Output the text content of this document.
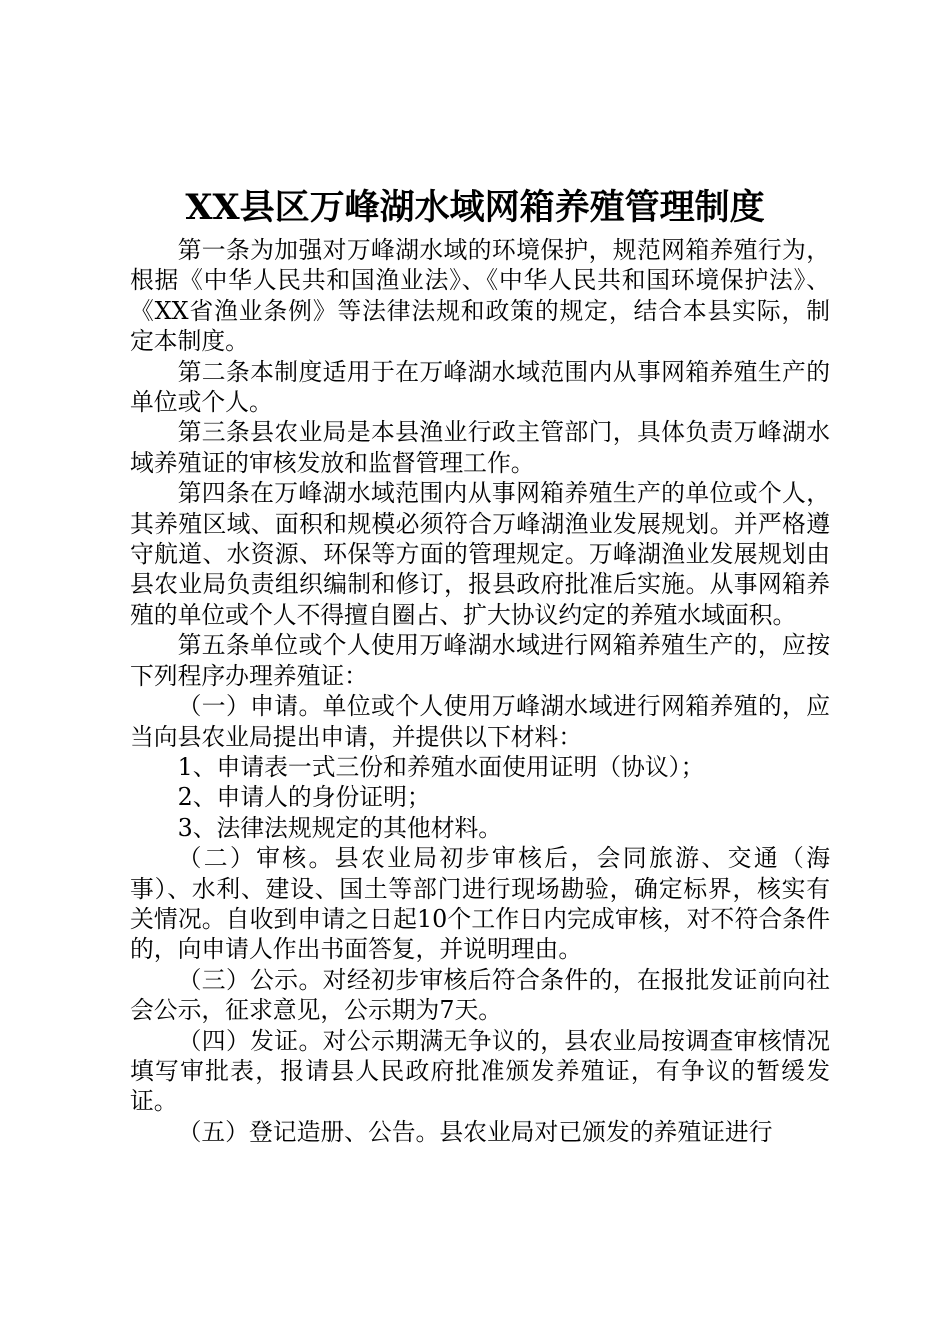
XX县区万峰湖水域网箱养殖管理制度

第一条为加强对万峰湖水域的环境保护，规范网箱养殖行为，根据《中华人民共和国渔业法》、《中华人民共和国环境保护法》、《XX省渔业条例》等法律法规和政策的规定，结合本县实际，制定本制度。

第二条本制度适用于在万峰湖水域范围内从事网箱养殖生产的单位或个人。

第三条县农业局是本县渔业行政主管部门，具体负责万峰湖水域养殖证的审核发放和监督管理工作。

第四条在万峰湖水域范围内从事网箱养殖生产的单位或个人，其养殖区域、面积和规模必须符合万峰湖渔业发展规划。并严格遵守航道、水资源、环保等方面的管理规定。万峰湖渔业发展规划由县农业局负责组织编制和修订，报县政府批准后实施。从事网箱养殖的单位或个人不得擅自圈占、扩大协议约定的养殖水域面积。

第五条单位或个人使用万峰湖水域进行网箱养殖生产的，应按下列程序办理养殖证：

（一）申请。单位或个人使用万峰湖水域进行网箱养殖的，应当向县农业局提出申请，并提供以下材料：

1、申请表一式三份和养殖水面使用证明（协议）；

2、申请人的身份证明；

3、法律法规规定的其他材料。

（二）审核。县农业局初步审核后，会同旅游、交通（海事）、水利、建设、国土等部门进行现场勘验，确定标界，核实有关情况。自收到申请之日起10个工作日内完成审核，对不符合条件的，向申请人作出书面答复，并说明理由。

（三）公示。对经初步审核后符合条件的，在报批发证前向社会公示，征求意见，公示期为7天。

（四）发证。对公示期满无争议的，县农业局按调查审核情况填写审批表，报请县人民政府批准颁发养殖证，有争议的暂缓发证。

（五）登记造册、公告。县农业局对已颁发的养殖证进行
